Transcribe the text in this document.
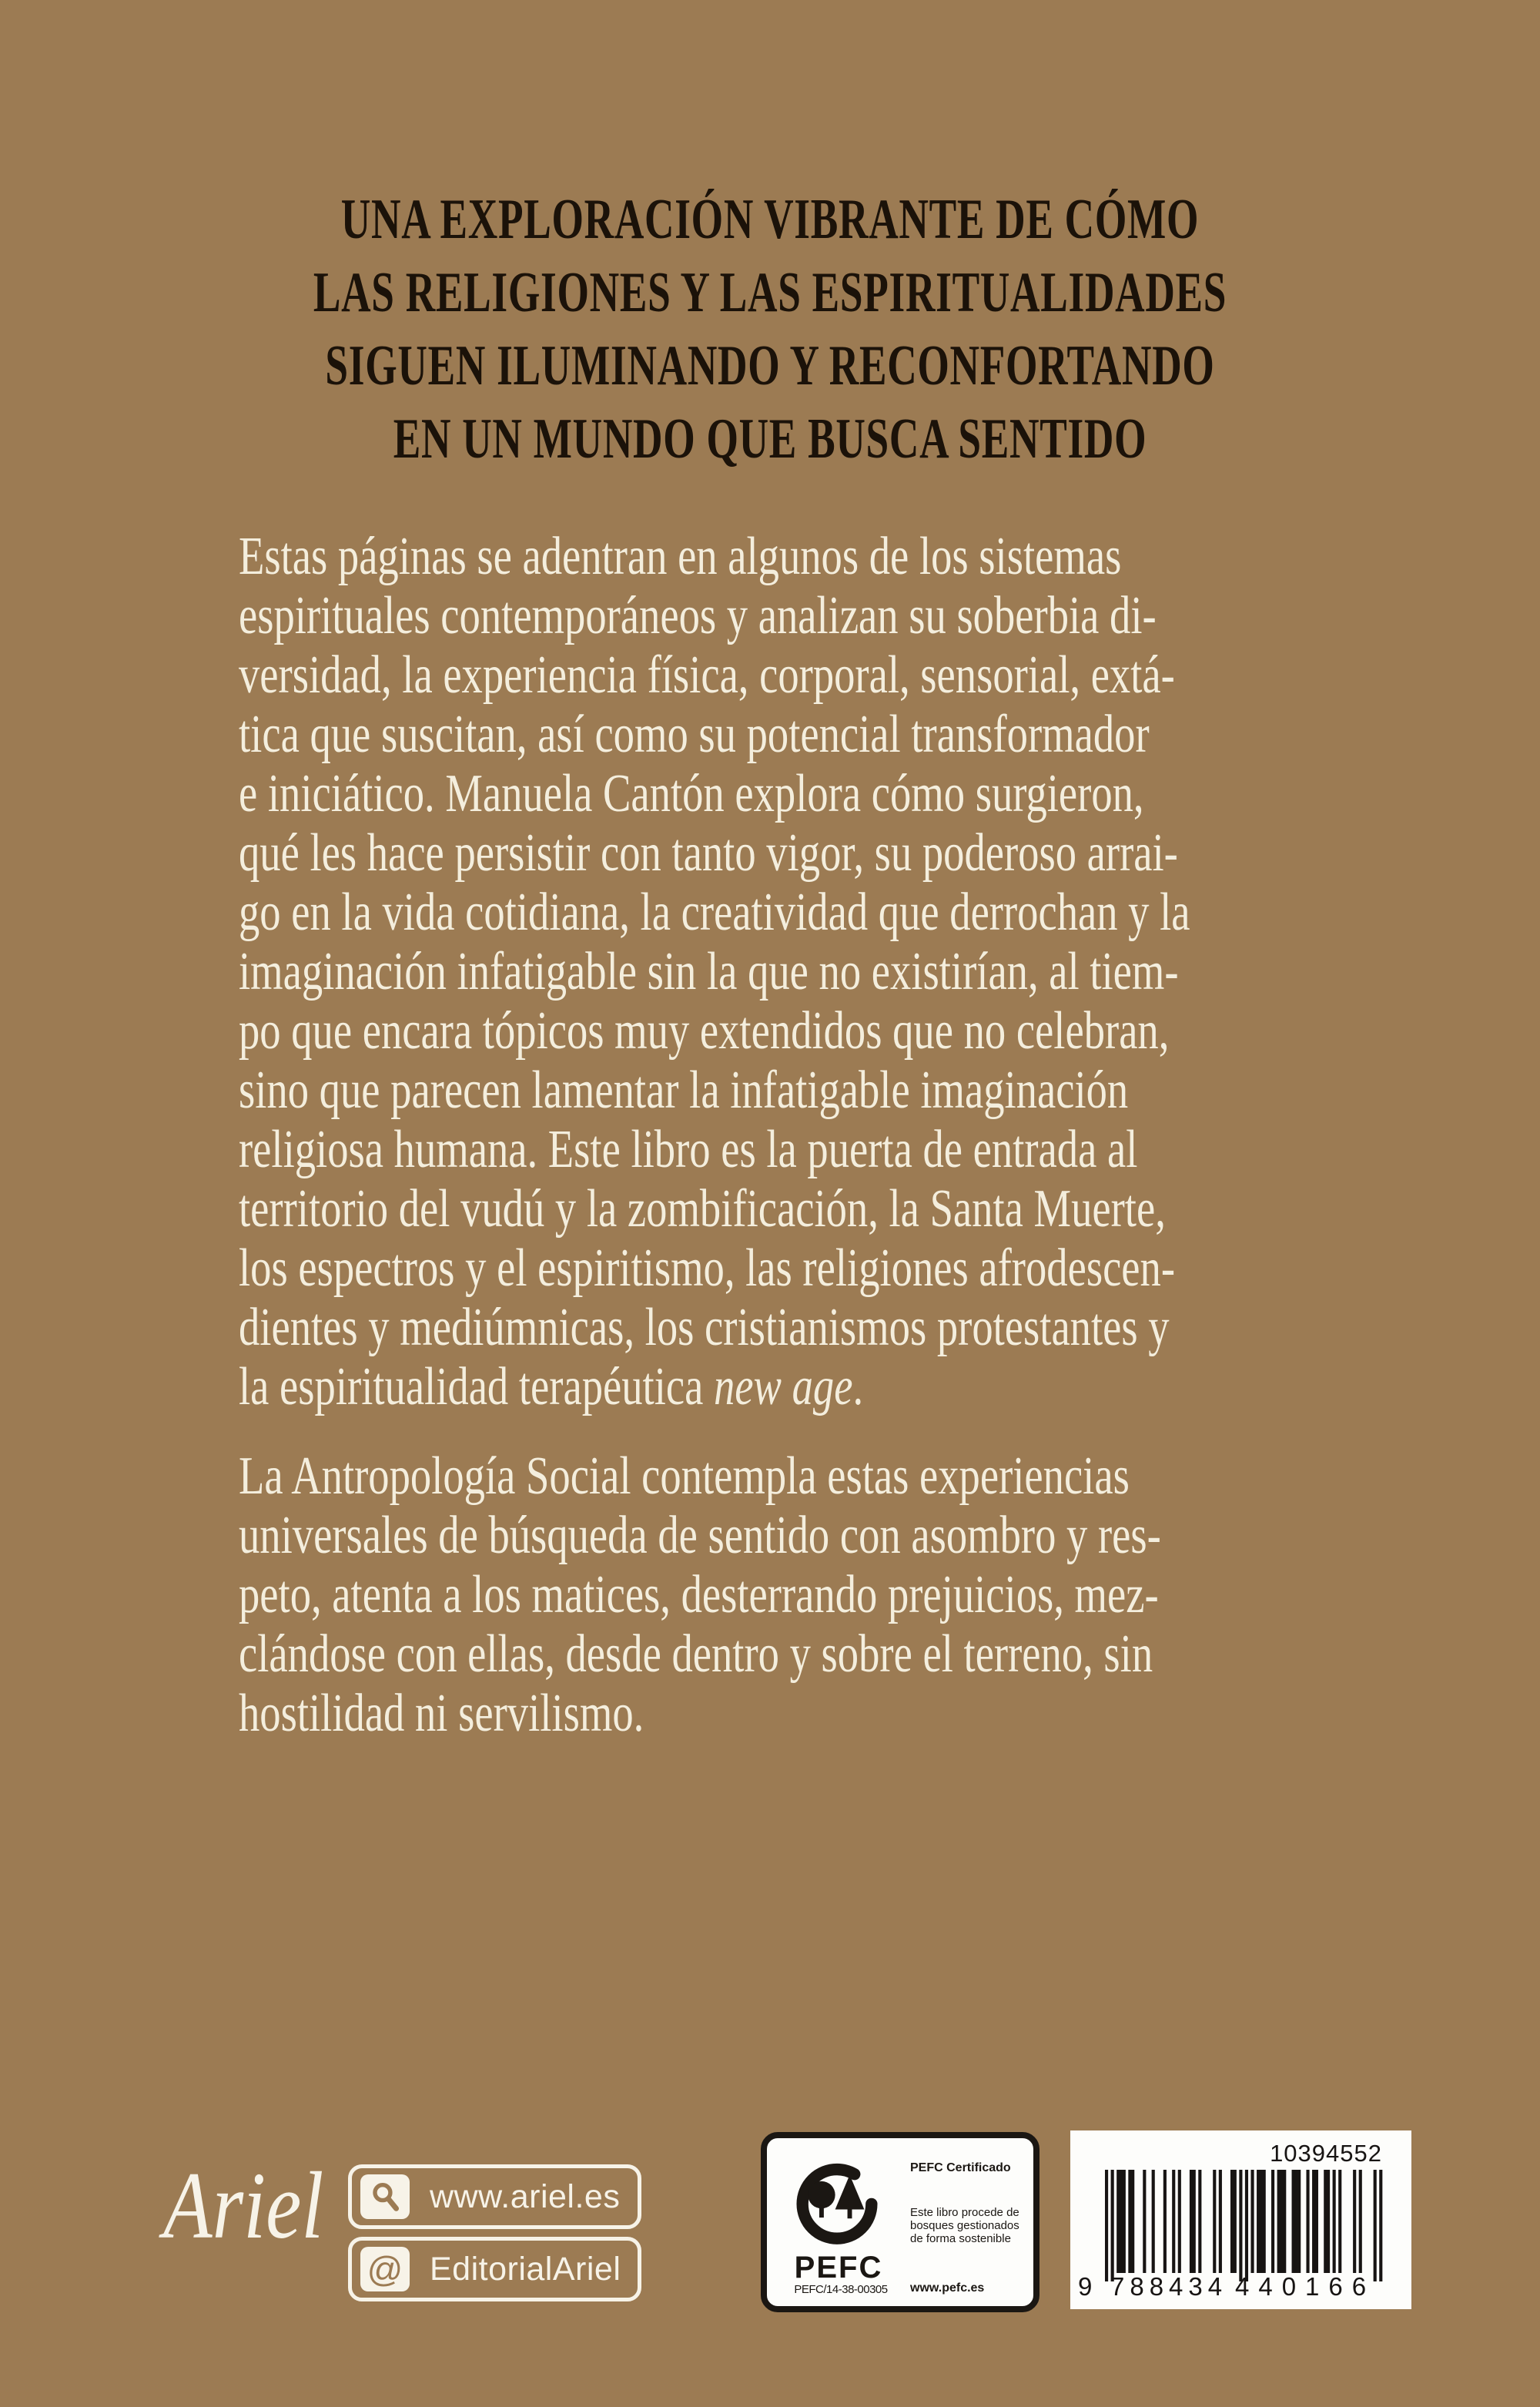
UNA EXPLORACIÓN VIBRANTE DE CÓMO
LAS RELIGIONES Y LAS ESPIRITUALIDADES
SIGUEN ILUMINANDO Y RECONFORTANDO
EN UN MUNDO QUE BUSCA SENTIDO
Estas páginas se adentran en algunos de los sistemas
espirituales contemporáneos y analizan su soberbia di-
versidad, la experiencia física, corporal, sensorial, extá-
tica que suscitan, así como su potencial transformador
e iniciático. Manuela Cantón explora cómo surgieron,
qué les hace persistir con tanto vigor, su poderoso arrai-
go en la vida cotidiana, la creatividad que derrochan y la
imaginación infatigable sin la que no existirían, al tiem-
po que encara tópicos muy extendidos que no celebran,
sino que parecen lamentar la infatigable imaginación
religiosa humana. Este libro es la puerta de entrada al
territorio del vudú y la zombificación, la Santa Muerte,
los espectros y el espiritismo, las religiones afrodescen-
dientes y mediúmnicas, los cristianismos protestantes y
la espiritualidad terapéutica new age.
La Antropología Social contempla estas experiencias
universales de búsqueda de sentido con asombro y res-
peto, atenta a los matices, desterrando prejuicios, mez-
clándose con ellas, desde dentro y sobre el terreno, sin
hostilidad ni servilismo.
Ariel	www.ariel.es
@ EditorialAriel	PEFC
PEFC/14-38-00305
PEFC Certificado
Este libro procede de
bosques gestionados
de forma sostenible
www.pefc.es
10394552
9 788434 440166
